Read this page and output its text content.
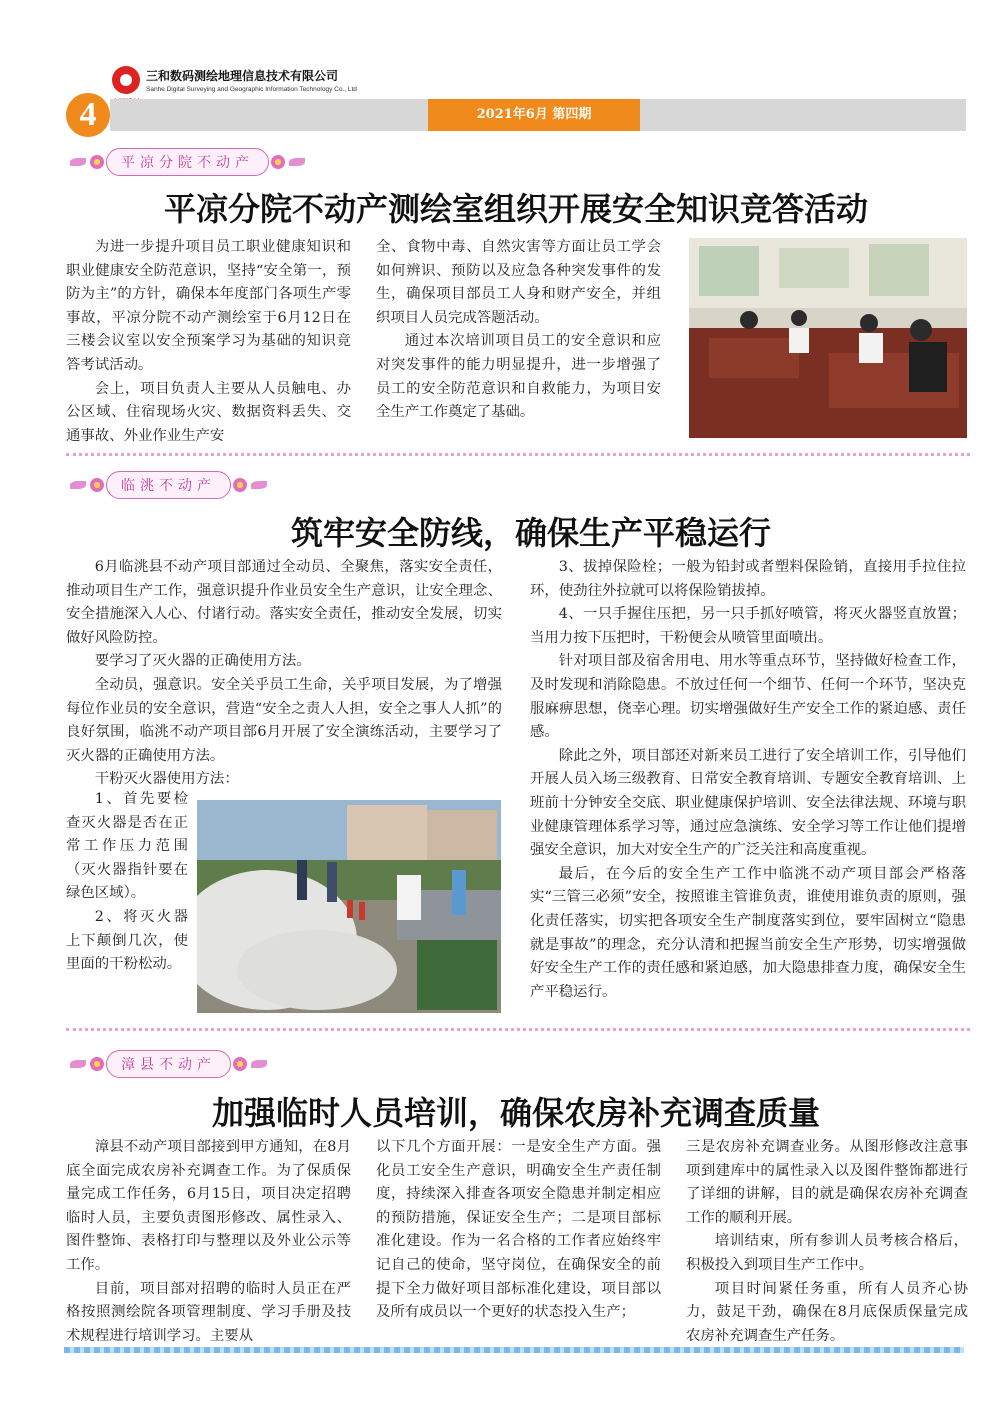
三和数码测绘地理信息技术有限公司
Sanhe Digital Surveying and Geographic Information Technology Co., Ltd
2021年6月 第四期
4
平凉分院不动产
平凉分院不动产测绘室组织开展安全知识竞答活动

为进一步提升项目员工职业健康知识和职业健康安全防范意识，坚持“安全第一，预防为主”的方针，确保本年度部门各项生产零事故，平凉分院不动产测绘室于6月12日在三楼会议室以安全预案学习为基础的知识竞答考试活动。

会上，项目负责人主要从人员触电、办公区域、住宿现场火灾、数据资料丢失、交通事故、外业作业生产安

全、食物中毒、自然灾害等方面让员工学会如何辨识、预防以及应急各种突发事件的发生，确保项目部员工人身和财产安全，并组织项目人员完成答题活动。

通过本次培训项目员工的安全意识和应对突发事件的能力明显提升，进一步增强了员工的安全防范意识和自救能力，为项目安全生产工作奠定了基础。

临洮不动产
筑牢安全防线，确保生产平稳运行

6月临洮县不动产项目部通过全动员、全聚焦，落实安全责任，推动项目生产工作，强意识提升作业员安全生产意识，让安全理念、安全措施深入人心、付诸行动。落实安全责任，推动安全发展，切实做好风险防控。

要学习了灭火器的正确使用方法。

全动员，强意识。安全关乎员工生命，关乎项目发展，为了增强每位作业员的安全意识，营造“安全之责人人担，安全之事人人抓”的良好氛围，临洮不动产项目部6月开展了安全演练活动，主要学习了灭火器的正确使用方法。

干粉灭火器使用方法：

1、首先要检查灭火器是否在正常工作压力范围（灭火器指针要在绿色区域）。

2、将灭火器上下颠倒几次，使里面的干粉松动。

3、拔掉保险栓；一般为铅封或者塑料保险销，直接用手拉住拉环，使劲往外拉就可以将保险销拔掉。

4、一只手握住压把，另一只手抓好喷管，将灭火器竖直放置；当用力按下压把时，干粉便会从喷管里面喷出。

针对项目部及宿舍用电、用水等重点环节，坚持做好检查工作，及时发现和消除隐患。不放过任何一个细节、任何一个环节，坚决克服麻痹思想，侥幸心理。切实增强做好生产安全工作的紧迫感、责任感。

除此之外，项目部还对新来员工进行了安全培训工作，引导他们开展人员入场三级教育、日常安全教育培训、专题安全教育培训、上班前十分钟安全交底、职业健康保护培训、安全法律法规、环境与职业健康管理体系学习等，通过应急演练、安全学习等工作让他们提增强安全意识，加大对安全生产的广泛关注和高度重视。

最后，在今后的安全生产工作中临洮不动产项目部会严格落实“三管三必须”安全，按照谁主管谁负责，谁使用谁负责的原则，强化责任落实，切实把各项安全生产制度落实到位，要牢固树立“隐患就是事故”的理念，充分认清和把握当前安全生产形势，切实增强做好安全生产工作的责任感和紧迫感，加大隐患排查力度，确保安全生产平稳运行。

漳县不动产
加强临时人员培训，确保农房补充调查质量

漳县不动产项目部接到甲方通知，在8月底全面完成农房补充调查工作。为了保质保量完成工作任务，6月15日，项目决定招聘临时人员，主要负责图形修改、属性录入、图件整饰、表格打印与整理以及外业公示等工作。

目前，项目部对招聘的临时人员正在严格按照测绘院各项管理制度、学习手册及技术规程进行培训学习。主要从

以下几个方面开展：一是安全生产方面。强化员工安全生产意识，明确安全生产责任制度，持续深入排查各项安全隐患并制定相应的预防措施，保证安全生产；二是项目部标准化建设。作为一名合格的工作者应始终牢记自己的使命，坚守岗位，在确保安全的前提下全力做好项目部标准化建设，项目部以及所有成员以一个更好的状态投入生产；

三是农房补充调查业务。从图形修改注意事项到建库中的属性录入以及图件整饰都进行了详细的讲解，目的就是确保农房补充调查工作的顺利开展。

培训结束，所有参训人员考核合格后，积极投入到项目生产工作中。

项目时间紧任务重，所有人员齐心协力，鼓足干劲，确保在8月底保质保量完成农房补充调查生产任务。
